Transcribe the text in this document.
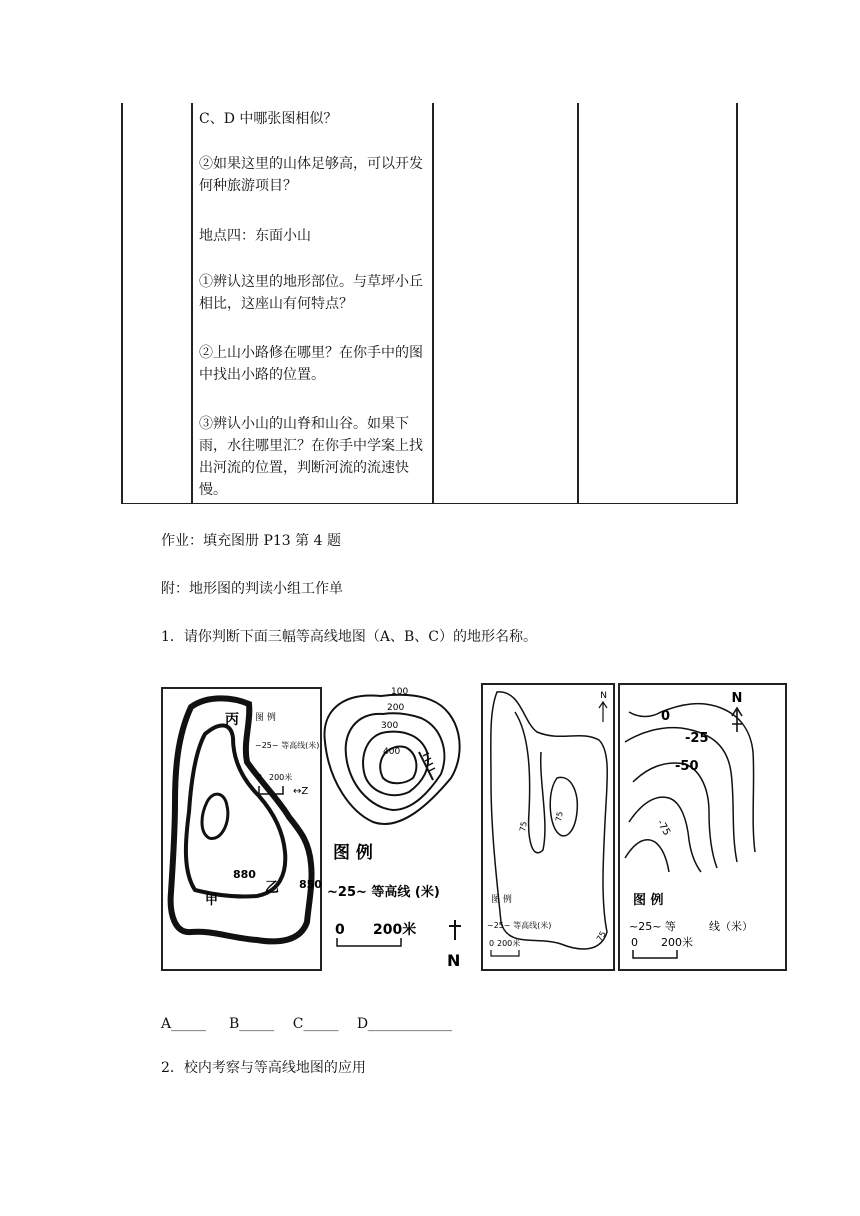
C、D 中哪张图相似？

②如果这里的山体足够高，可以开发何种旅游项目？

地点四：东面小山

①辨认这里的地形部位。与草坪小丘相比，这座山有何特点？

②上山小路修在哪里？在你手中的图中找出小路的位置。

③辨认小山的山脊和山谷。如果下雨，水往哪里汇？在你手中学案上找出河流的位置，判断河流的流速快慢。

作业：填充图册 P13 第 4 题

附：地形图的判读小组工作单

1．请你判断下面三幅等高线地图（A、B、C）的地形名称。

丙 图 例
~25~ 等高线(米)
0 200米
↔Z
880
乙 850
甲
100
200
300
400
图 例
~25~ 等高线 (米)
0 200米
N
75
75
75
N
图 例
~25~ 等高线(米)
0 200米
0
-25
-50
-75
N
图 例
~25~ 等	线（米）
0 200米

A_____ 　 B_____ 　C_____ 　D____________

2．校内考察与等高线地图的应用
